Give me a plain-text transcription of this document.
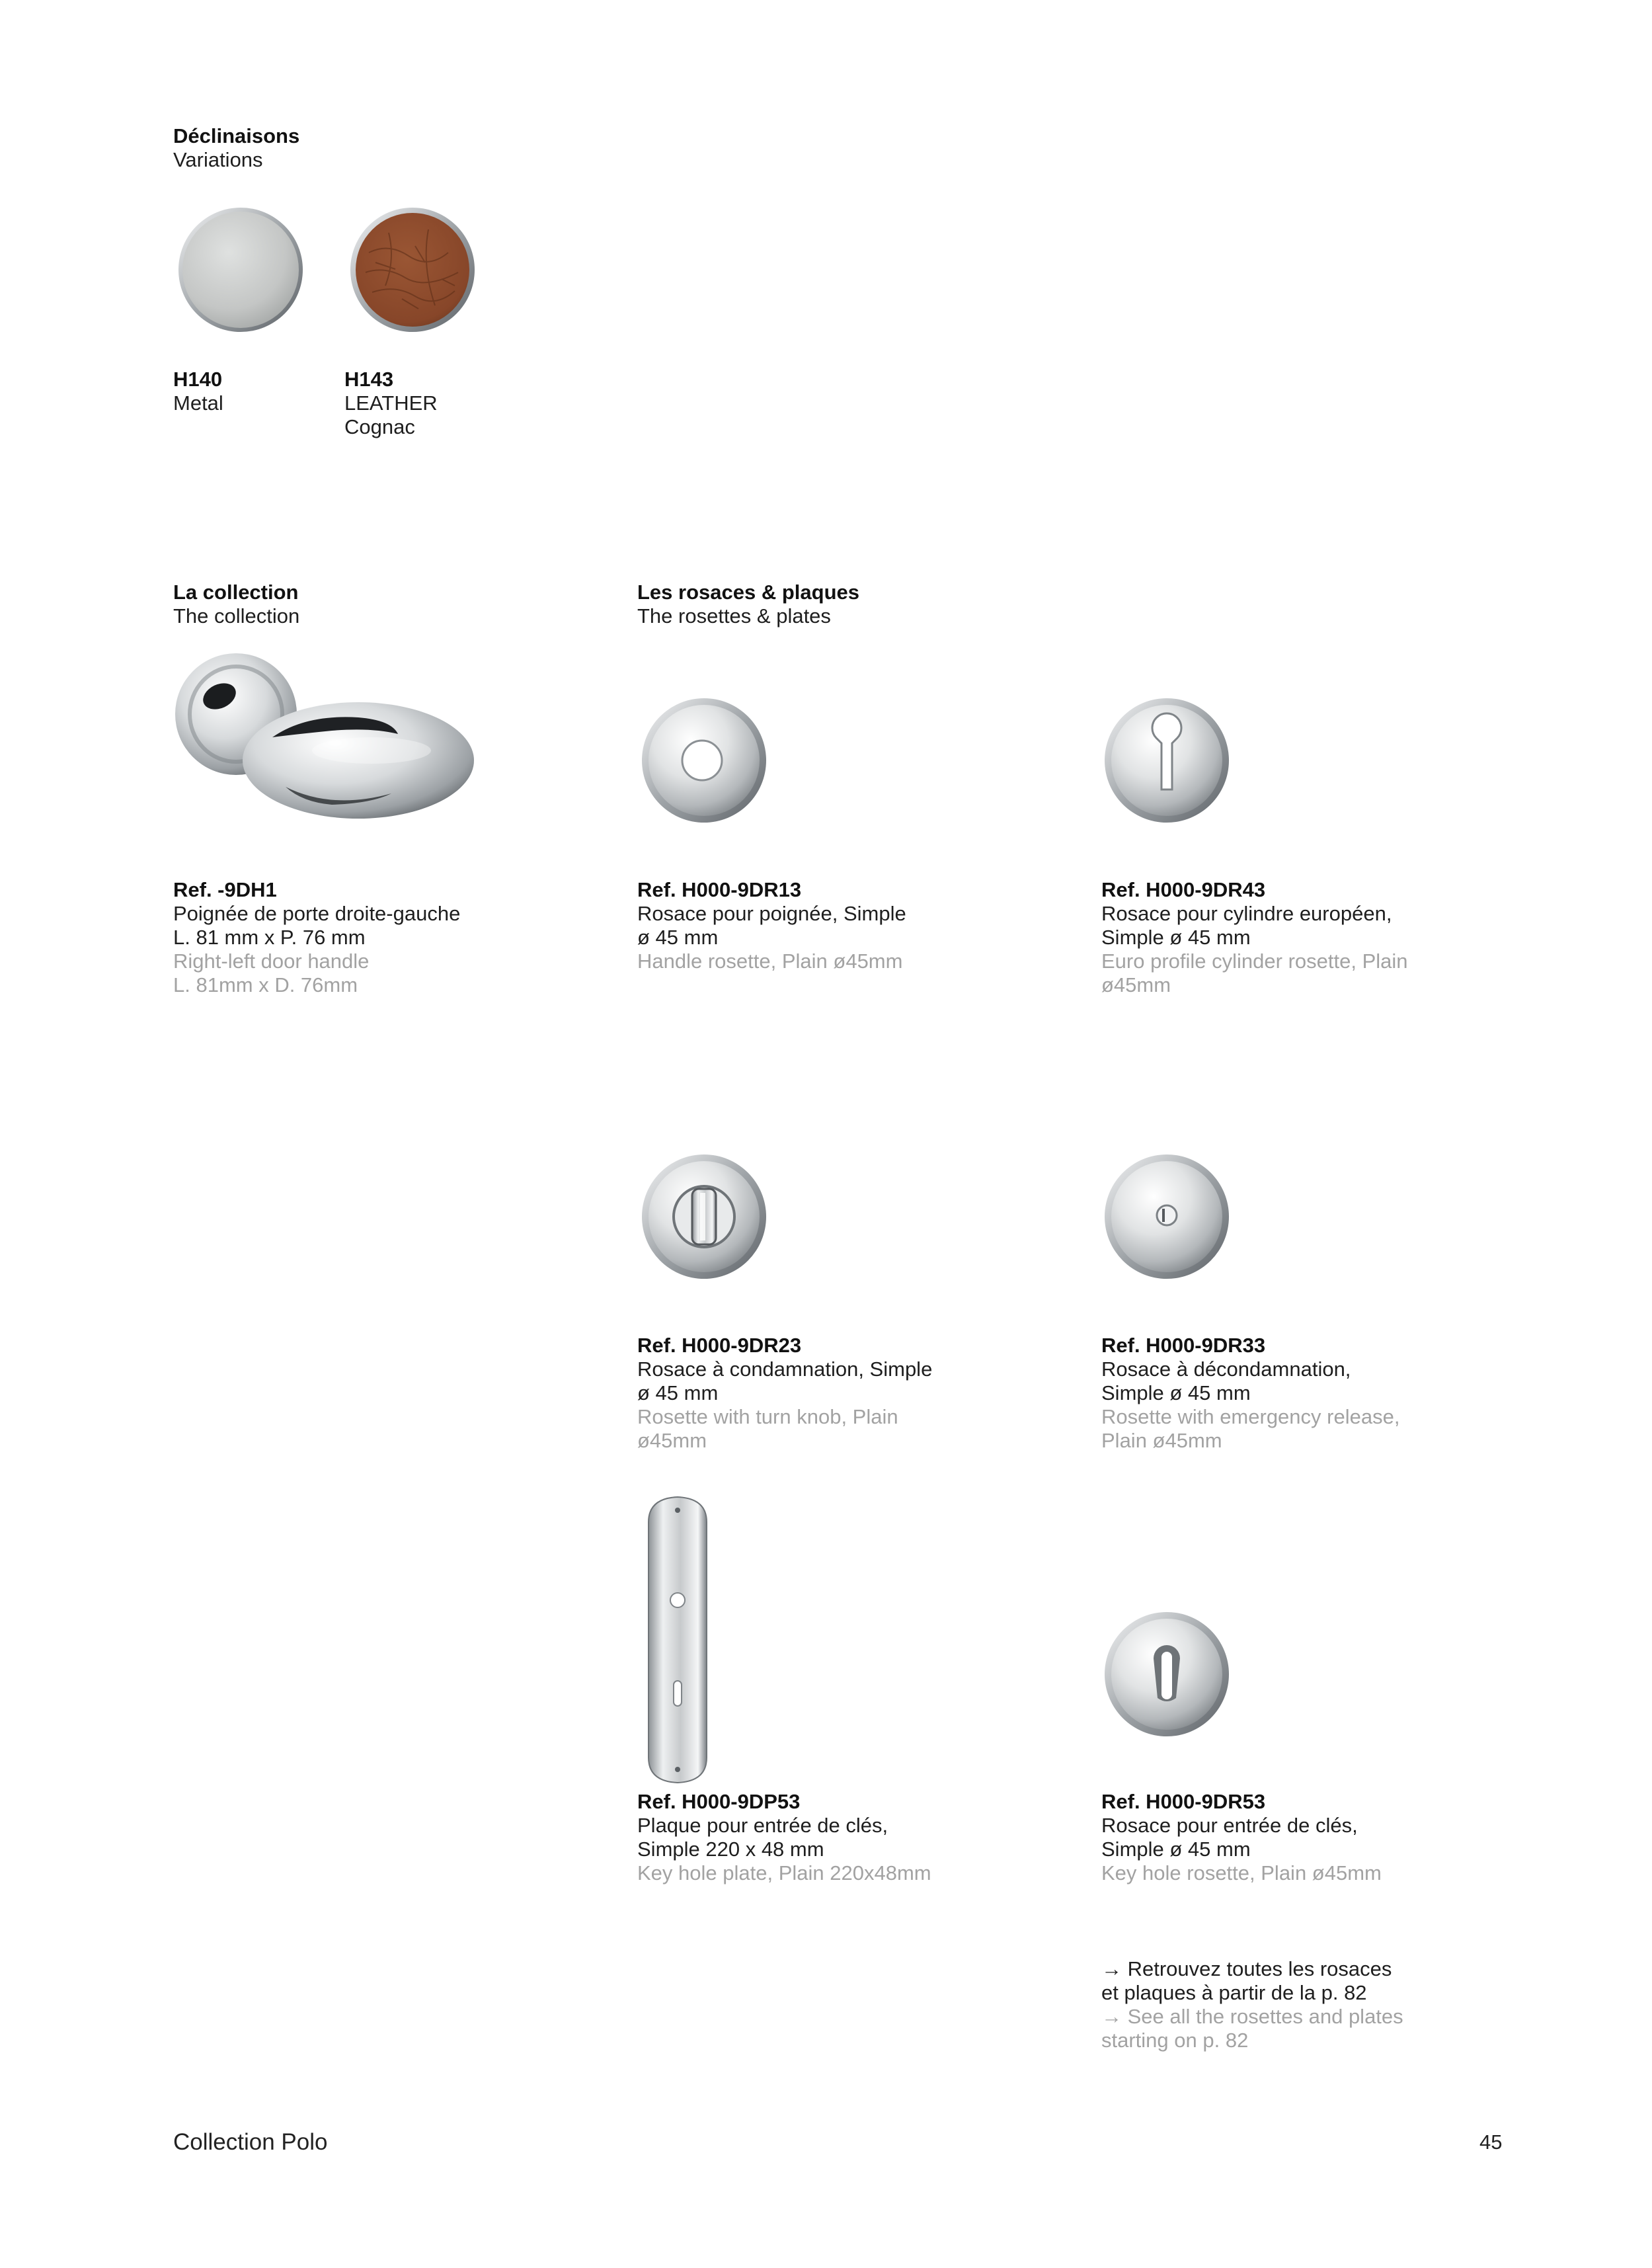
Déclinaisons
Variations
H140
Metal
H143
LEATHER
Cognac
La collection
The collection
Les rosaces & plaques
The rosettes & plates
Ref. -9DH1
Poignée de porte droite-gauche
L. 81 mm x P. 76 mm
Right-left door handle
L. 81mm x D. 76mm
Ref. H000-9DR13
Rosace pour poignée, Simple
ø 45 mm
Handle rosette, Plain ø45mm
Ref. H000-9DR43
Rosace pour cylindre européen,
Simple ø 45 mm
Euro profile cylinder rosette, Plain
ø45mm
Ref. H000-9DR23
Rosace à condamnation, Simple
ø 45 mm
Rosette with turn knob, Plain
ø45mm
Ref. H000-9DR33
Rosace à décondamnation,
Simple ø 45 mm
Rosette with emergency release,
Plain ø45mm
Ref. H000-9DP53
Plaque pour entrée de clés,
Simple 220 x 48 mm
Key hole plate, Plain 220x48mm
Ref. H000-9DR53
Rosace pour entrée de clés,
Simple ø 45 mm
Key hole rosette, Plain ø45mm
→ Retrouvez toutes les rosaces
et plaques à partir de la p. 82
→ See all the rosettes and plates
starting on p. 82
Collection Polo	45
